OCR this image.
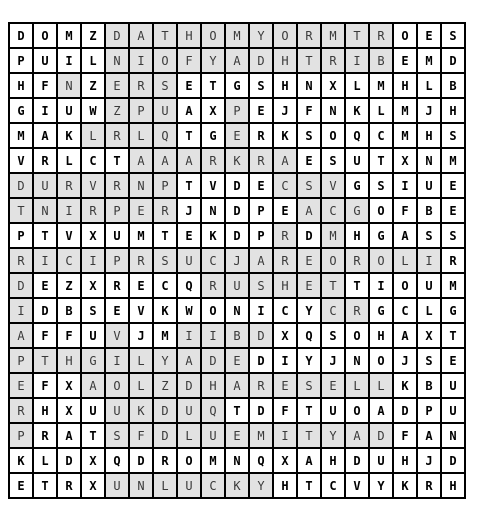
D	O	M	Z	D	A	T	H	O	M	Y	O	R	M	T	R	O	E	S
P	U	I	L	N	I	O	F	Y	A	D	H	T	R	I	B	E	M	D
H	F	N	Z	E	R	S	E	T	G	S	H	N	X	L	M	H	L	B
G	I	U	W	Z	P	U	A	X	P	E	J	F	N	K	L	M	J	H
M	A	K	L	R	L	Q	T	G	E	R	K	S	O	Q	C	M	H	S
V	R	L	C	T	A	A	A	R	K	R	A	E	S	U	T	X	N	M
D	U	R	V	R	N	P	T	V	D	E	C	S	V	G	S	I	U	E
T	N	I	R	P	E	R	J	N	D	P	E	A	C	G	O	F	B	E
P	T	V	X	U	M	T	E	K	D	P	R	D	M	H	G	A	S	S
R	I	C	I	P	R	S	U	C	J	A	R	E	O	R	O	L	I	R
D	E	Z	X	R	E	C	Q	R	U	S	H	E	T	T	I	O	U	M
I	D	B	S	E	V	K	W	O	N	I	C	Y	C	R	G	C	L	G
A	F	F	U	V	J	M	I	I	B	D	X	Q	S	O	H	A	X	T
P	T	H	G	I	L	Y	A	D	E	D	I	Y	J	N	O	J	S	E
E	F	X	A	O	L	Z	D	H	A	R	E	S	E	L	L	K	B	U
R	H	X	U	U	K	D	U	Q	T	D	F	T	U	O	A	D	P	U
P	R	A	T	S	F	D	L	U	E	M	I	T	Y	A	D	F	A	N
K	L	D	X	Q	D	R	O	M	N	Q	X	A	H	D	U	H	J	D
E	T	R	X	U	N	L	U	C	K	Y	H	T	C	V	Y	K	R	H
